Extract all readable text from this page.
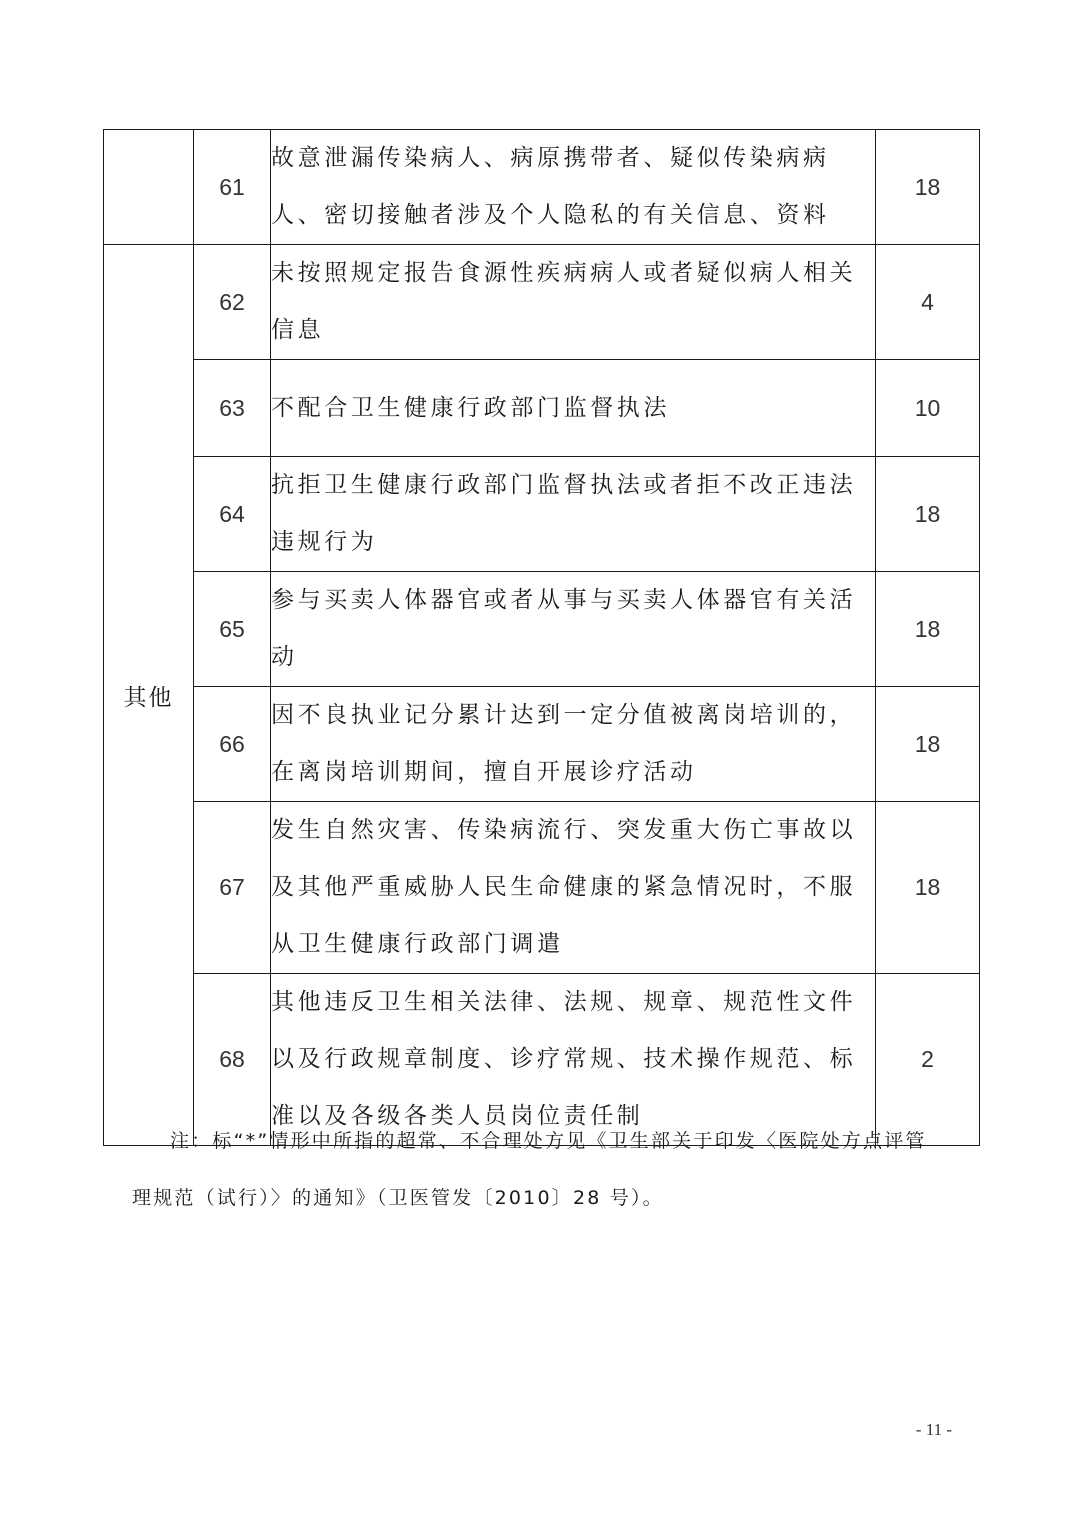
	61	故意泄漏传染病人、病原携带者、疑似传染病病人、密切接触者涉及个人隐私的有关信息、资料	18
其他	62	未按照规定报告食源性疾病病人或者疑似病人相关信息	4
	63	不配合卫生健康行政部门监督执法	10
	64	抗拒卫生健康行政部门监督执法或者拒不改正违法违规行为	18
	65	参与买卖人体器官或者从事与买卖人体器官有关活动	18
	66	因不良执业记分累计达到一定分值被离岗培训的，在离岗培训期间，擅自开展诊疗活动	18
	67	发生自然灾害、传染病流行、突发重大伤亡事故以及其他严重威胁人民生命健康的紧急情况时，不服从卫生健康行政部门调遣	18
	68	其他违反卫生相关法律、法规、规章、规范性文件以及行政规章制度、诊疗常规、技术操作规范、标准以及各级各类人员岗位责任制	2
注：标“*”情形中所指的超常、不合理处方见《卫生部关于印发〈医院处方点评管
理规范（试行）〉的通知》（卫医管发〔2010〕28 号）。
- 11 -
